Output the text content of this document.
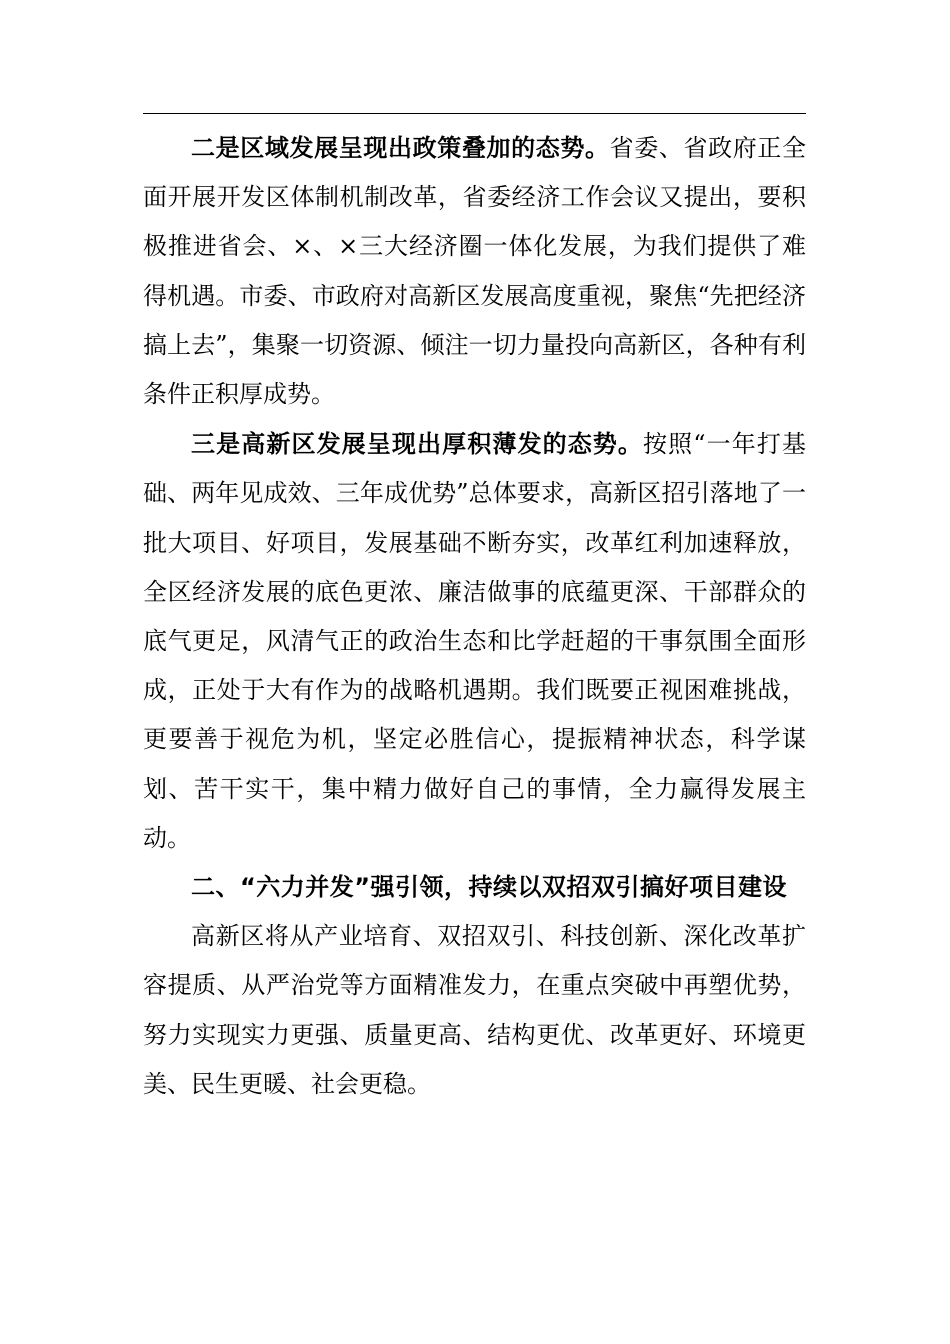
二是区域发展呈现出政策叠加的态势。省委、省政府正全面开展开发区体制机制改革，省委经济工作会议又提出，要积极推进省会、×、×三大经济圈一体化发展，为我们提供了难得机遇。市委、市政府对高新区发展高度重视，聚焦“先把经济搞上去”，集聚一切资源、倾注一切力量投向高新区，各种有利条件正积厚成势。

三是高新区发展呈现出厚积薄发的态势。按照“一年打基础、两年见成效、三年成优势”总体要求，高新区招引落地了一批大项目、好项目，发展基础不断夯实，改革红利加速释放，全区经济发展的底色更浓、廉洁做事的底蕴更深、干部群众的底气更足，风清气正的政治生态和比学赶超的干事氛围全面形成，正处于大有作为的战略机遇期。我们既要正视困难挑战，更要善于视危为机，坚定必胜信心，提振精神状态，科学谋划、苦干实干，集中精力做好自己的事情，全力赢得发展主动。

二、“六力并发”强引领，持续以双招双引搞好项目建设

高新区将从产业培育、双招双引、科技创新、深化改革扩容提质、从严治党等方面精准发力，在重点突破中再塑优势，努力实现实力更强、质量更高、结构更优、改革更好、环境更美、民生更暖、社会更稳。
